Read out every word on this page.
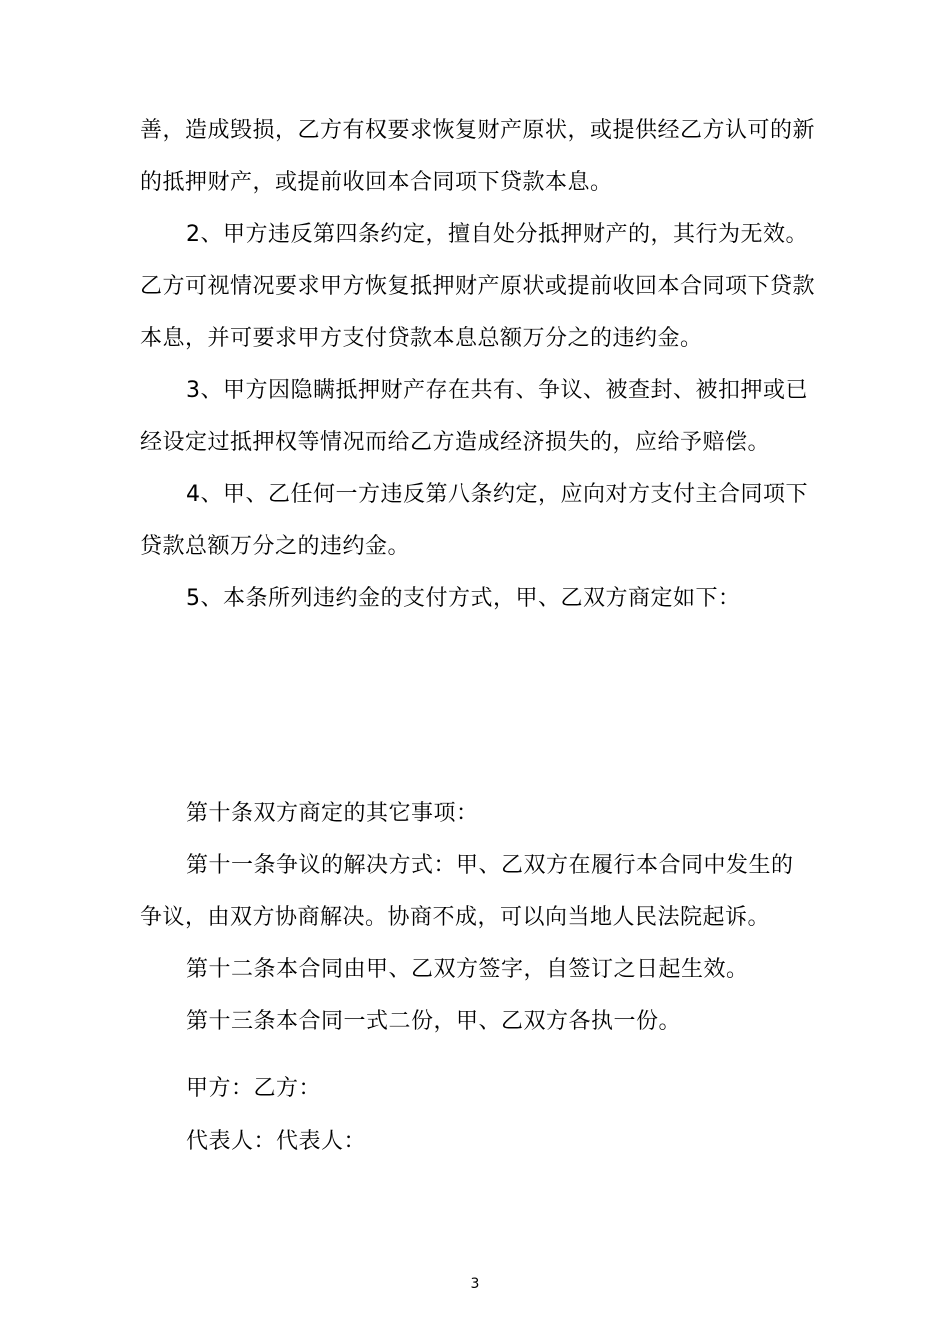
善，造成毁损，乙方有权要求恢复财产原状，或提供经乙方认可的新
的抵押财产，或提前收回本合同项下贷款本息。
2、甲方违反第四条约定，擅自处分抵押财产的，其行为无效。
乙方可视情况要求甲方恢复抵押财产原状或提前收回本合同项下贷款
本息，并可要求甲方支付贷款本息总额万分之的违约金。
3、甲方因隐瞒抵押财产存在共有、争议、被查封、被扣押或已
经设定过抵押权等情况而给乙方造成经济损失的，应给予赔偿。
4、甲、乙任何一方违反第八条约定，应向对方支付主合同项下
贷款总额万分之的违约金。
5、本条所列违约金的支付方式，甲、乙双方商定如下：
第十条双方商定的其它事项：
第十一条争议的解决方式：甲、乙双方在履行本合同中发生的
争议，由双方协商解决。协商不成，可以向当地人民法院起诉。
第十二条本合同由甲、乙双方签字，自签订之日起生效。
第十三条本合同一式二份，甲、乙双方各执一份。
甲方：乙方：
代表人：代表人：
3
